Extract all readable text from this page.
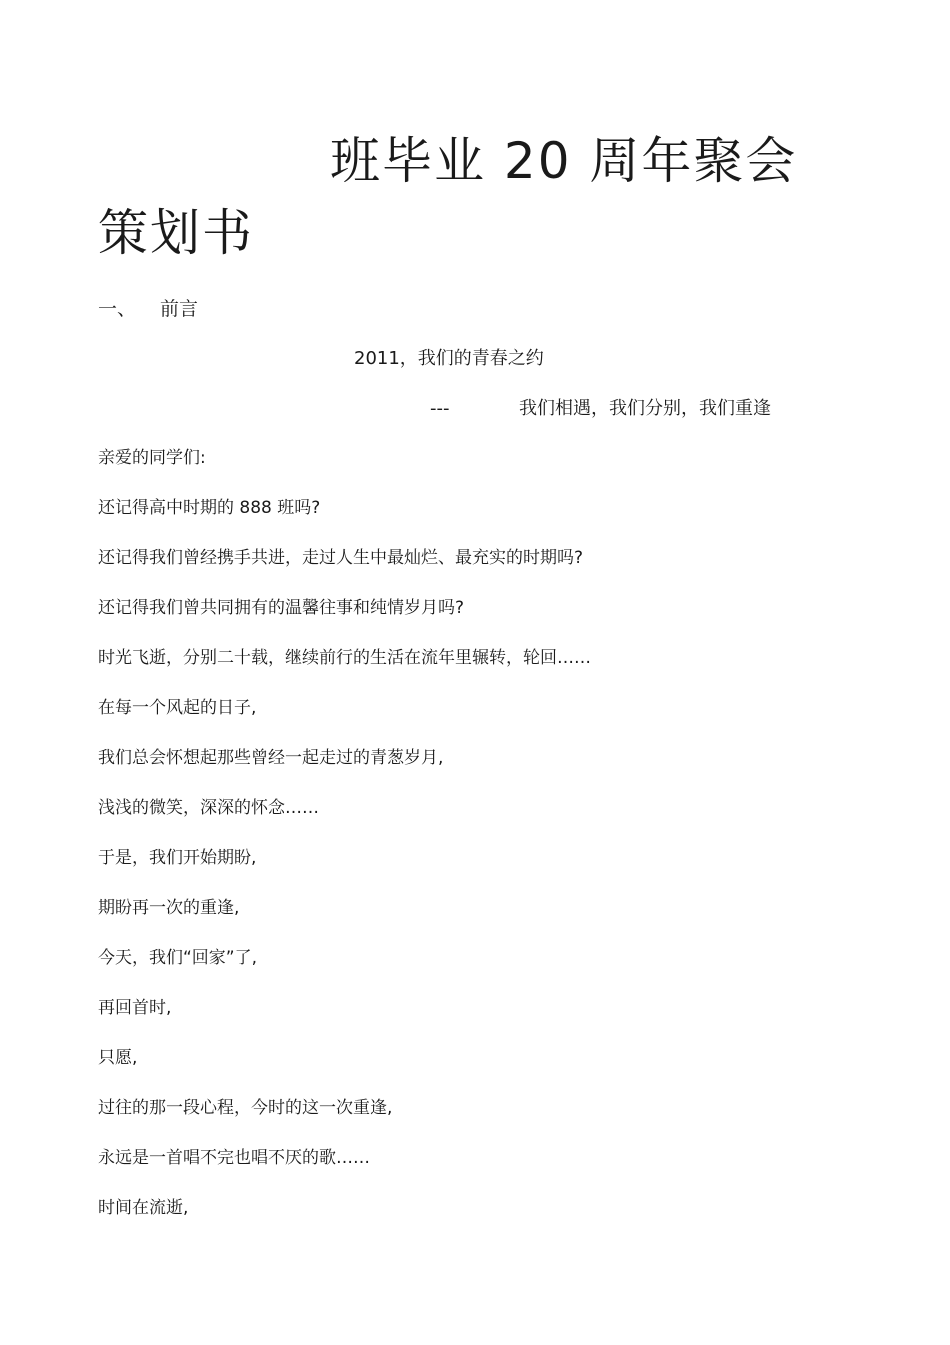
班毕业 20 周年聚会
策划书
一、 前言
2011，我们的青春之约
---	我们相遇，我们分别，我们重逢
亲爱的同学们:
还记得高中时期的 888 班吗?
还记得我们曾经携手共进，走过人生中最灿烂、最充实的时期吗?
还记得我们曾共同拥有的温馨往事和纯情岁月吗?
时光飞逝，分别二十载，继续前行的生活在流年里辗转，轮回……
在每一个风起的日子,
我们总会怀想起那些曾经一起走过的青葱岁月,
浅浅的微笑，深深的怀念……
于是，我们开始期盼,
期盼再一次的重逢,
今天，我们“回家”了,
再回首时,
只愿,
过往的那一段心程，今时的这一次重逢,
永远是一首唱不完也唱不厌的歌……
时间在流逝,
